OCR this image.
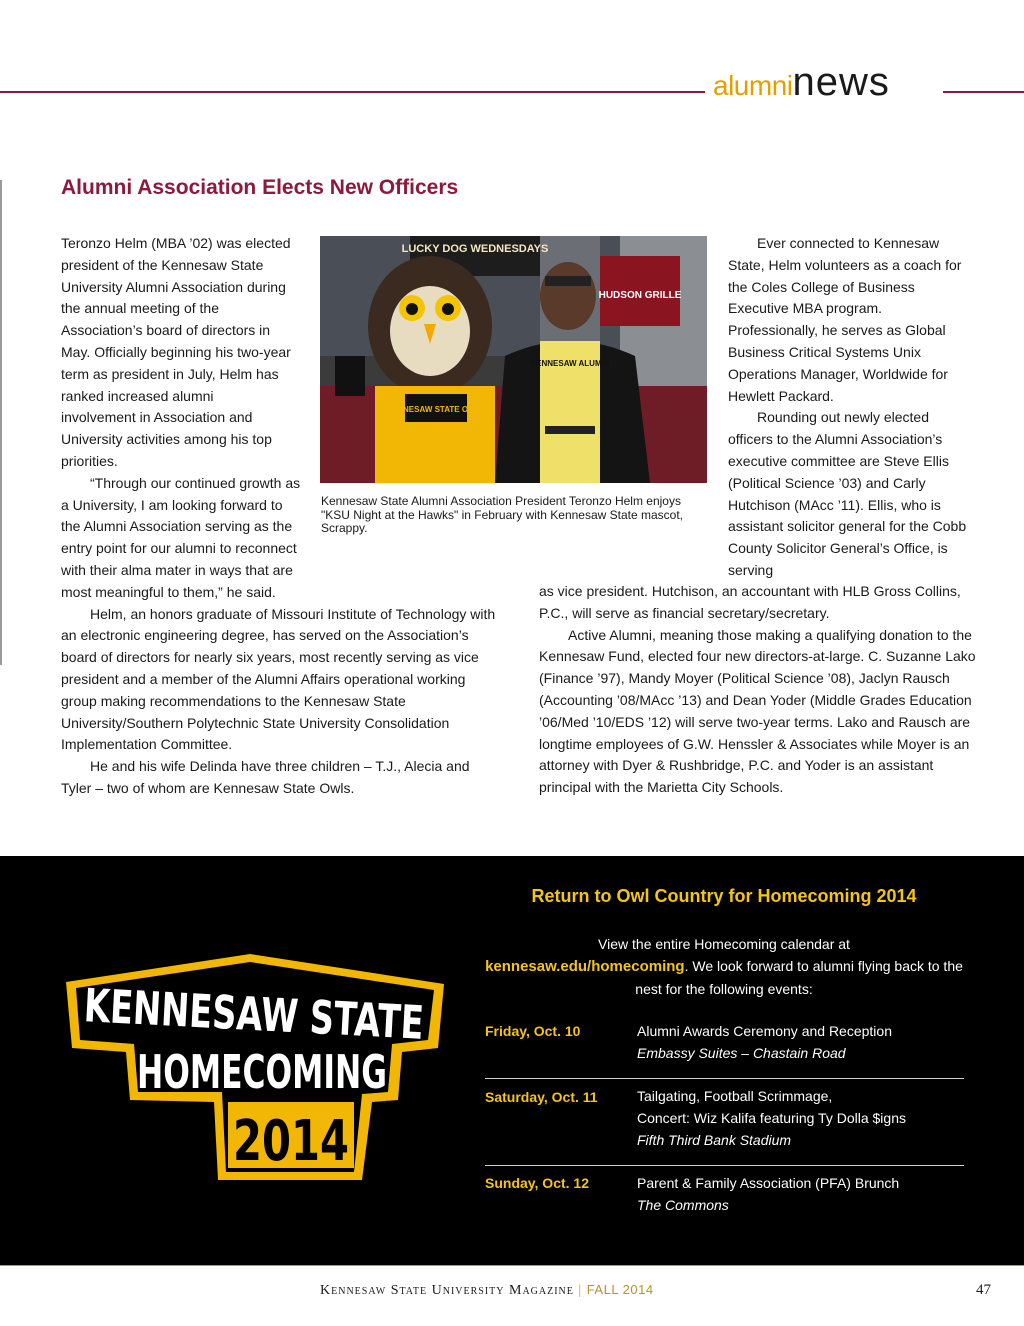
alumninews
Alumni Association Elects New Officers

Teronzo Helm (MBA ’02) was elected president of the Kennesaw State University Alumni Association during the annual meeting of the Association’s board of directors in May. Officially beginning his two-year term as president in July, Helm has ranked increased alumni involvement in Association and University activities among his top priorities.

“Through our continued growth as a University, I am looking forward to the Alumni Association serving as the entry point for our alumni to reconnect with their alma mater in ways that are most meaningful to them,” he said.

Helm, an honors graduate of Missouri Institute of Technology with an electronic engineering degree, has served on the Association’s board of directors for nearly six years, most recently serving as vice president and a member of the Alumni Affairs operational working group making recommendations to the Kennesaw State University/Southern Polytechnic State University Consolidation Implementation Committee.

He and his wife Delinda have three children – T.J., Alecia and Tyler – two of whom are Kennesaw State Owls.

LUCKY DOG WEDNESDAYS
HUDSON GRILLE
KENNESAW STATE OWLS
KENNESAW ALUMNI
Kennesaw State Alumni Association President Teronzo Helm enjoys "KSU Night at the Hawks" in February with Kennesaw State mascot, Scrappy.

Ever connected to Kennesaw State, Helm volunteers as a coach for the Coles College of Business Executive MBA program. Professionally, he serves as Global Business Critical Systems Unix Operations Manager, Worldwide for Hewlett Packard.

Rounding out newly elected officers to the Alumni Association’s executive committee are Steve Ellis (Political Science ’03) and Carly Hutchison (MAcc ’11). Ellis, who is assistant solicitor general for the Cobb County Solicitor General’s Office, is serving

as vice president. Hutchison, an accountant with HLB Gross Collins, P.C., will serve as financial secretary/secretary.

Active Alumni, meaning those making a qualifying donation to the Kennesaw Fund, elected four new directors-at-large. C. Suzanne Lako (Finance ’97), Mandy Moyer (Political Science ’08), Jaclyn Rausch (Accounting ’08/MAcc ’13) and Dean Yoder (Middle Grades Education ’06/Med ’10/EDS ’12) will serve two-year terms. Lako and Rausch are longtime employees of G.W. Henssler & Associates while Moyer is an attorney with Dyer & Rushbridge, P.C. and Yoder is an assistant principal with the Marietta City Schools.

KENNESAW STATE
HOMECOMING
2014
Return to Owl Country for Homecoming 2014
View the entire Homecoming calendar at
kennesaw.edu/homecoming. We look forward to alumni flying back to the nest for the following events:
Friday, Oct. 10	Alumni Awards Ceremony and Reception
Embassy Suites – Chastain Road
Saturday, Oct. 11	Tailgating, Football Scrimmage,
Concert: Wiz Kalifa featuring Ty Dolla $igns
Fifth Third Bank Stadium
Sunday, Oct. 12	Parent & Family Association (PFA) Brunch
The Commons
Kennesaw State University Magazine | FALL 2014	47
